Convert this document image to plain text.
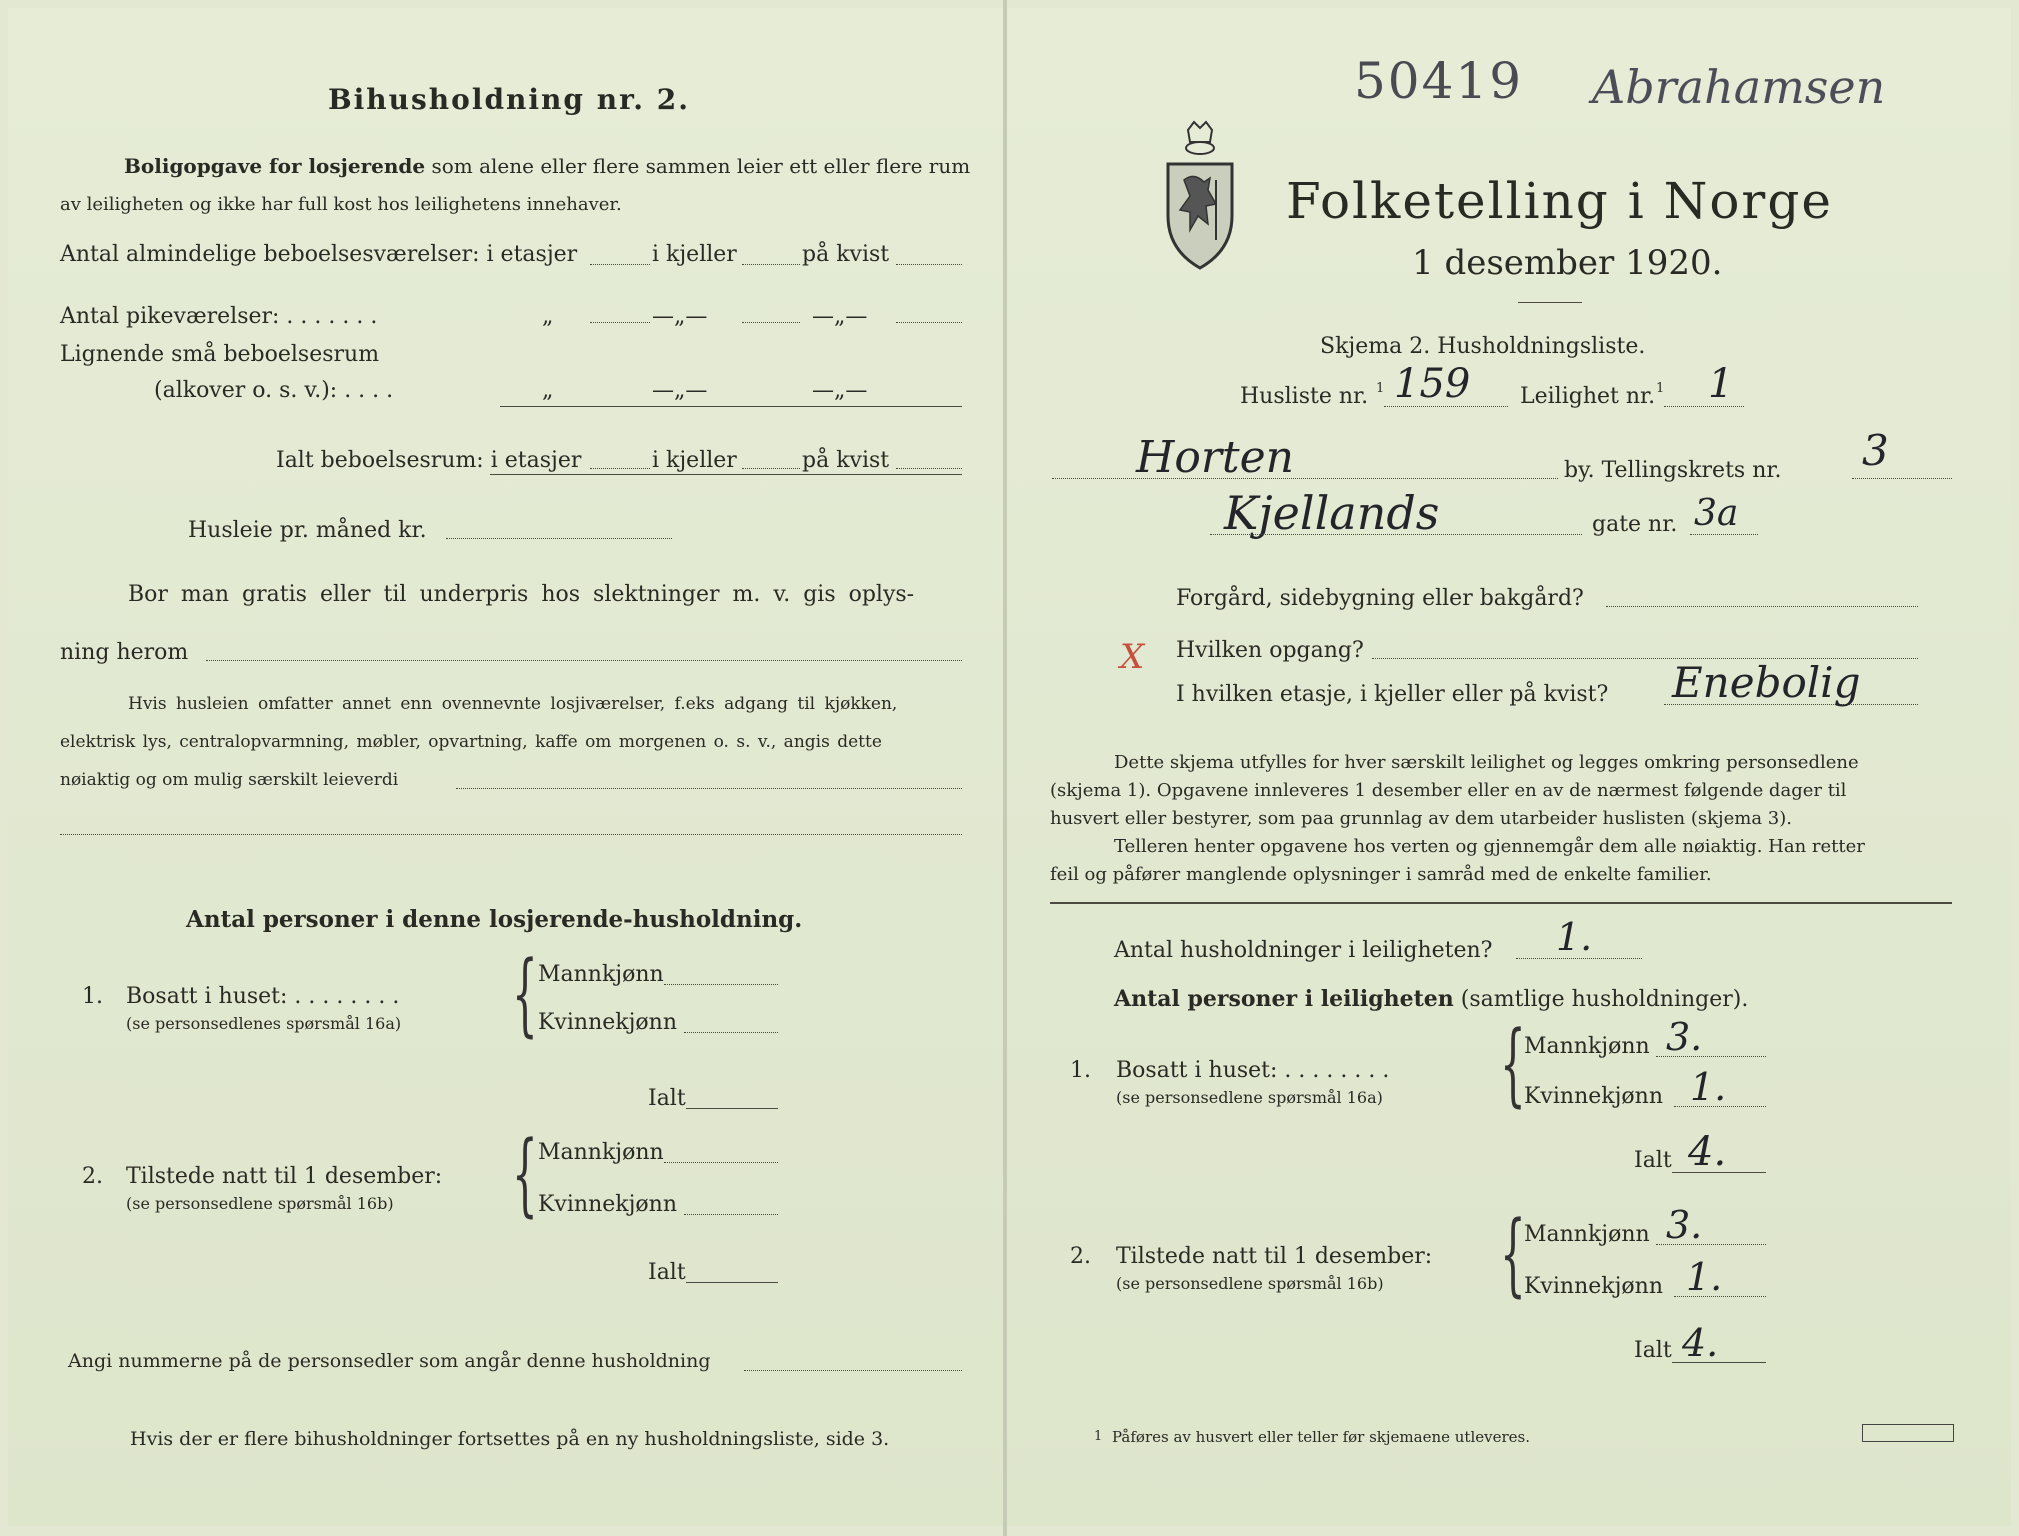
Bihusholdning nr. 2.
Boligopgave for losjerende som alene eller flere sammen leier ett eller flere rum
av leiligheten og ikke har full kost hos leilighetens innehaver.
Antal almindelige beboelsesværelser: i etasjer	i kjeller	på kvist
Antal pikeværelser: . . . . . . .	„	—„—	—„—
Lignende små beboelsesrum
(alkover o. s. v.): . . . .	„	—„—	—„—
Ialt beboelsesrum: i etasjer	i kjeller	på kvist
Husleie pr. måned kr.
Bor man gratis eller til underpris hos slektninger m. v. gis oplys-
ning herom
Hvis husleien omfatter annet enn ovennevnte losjiværelser, f.eks adgang til kjøkken,
elektrisk lys, centralopvarmning, møbler, opvartning, kaffe om morgenen o. s. v., angis dette
nøiaktig og om mulig særskilt leieverdi
Antal personer i denne losjerende-husholdning.
1. Bosatt i huset: . . . . . . . .
(se personsedlenes spørsmål 16a) { Mannkjønn
Kvinnekjønn
Ialt
2. Tilstede natt til 1 desember:
(se personsedlene spørsmål 16b) { Mannkjønn
Kvinnekjønn
Ialt
Angi nummerne på de personsedler som angår denne husholdning
Hvis der er flere bihusholdninger fortsettes på en ny husholdningsliste, side 3.
50419 Abrahamsen
Folketelling i Norge
1 desember 1920.
Skjema 2. Husholdningsliste.
Husliste nr. 1 159 Leilighet nr. 1 1
Horten	by. Tellingskrets nr. 3
Kjellands	gate nr. 3a
Forgård, sidebygning eller bakgård?
X Hvilken opgang?
I hvilken etasje, i kjeller eller på kvist? Enebolig
Dette skjema utfylles for hver særskilt leilighet og legges omkring personsedlene
(skjema 1). Opgavene innleveres 1 desember eller en av de nærmest følgende dager til
husvert eller bestyrer, som paa grunnlag av dem utarbeider huslisten (skjema 3).
Telleren henter opgavene hos verten og gjennemgår dem alle nøiaktig. Han retter
feil og påfører manglende oplysninger i samråd med de enkelte familier.
Antal husholdninger i leiligheten? 1.
Antal personer i leiligheten (samtlige husholdninger).
1. Bosatt i huset: . . . . . . . .
(se personsedlene spørsmål 16a) {
Mannkjønn 3.
Kvinnekjønn 1.
Ialt 4.
2. Tilstede natt til 1 desember:
(se personsedlene spørsmål 16b) {
Mannkjønn 3.
Kvinnekjønn 1.
Ialt 4.
1 Påføres av husvert eller teller før skjemaene utleveres.
